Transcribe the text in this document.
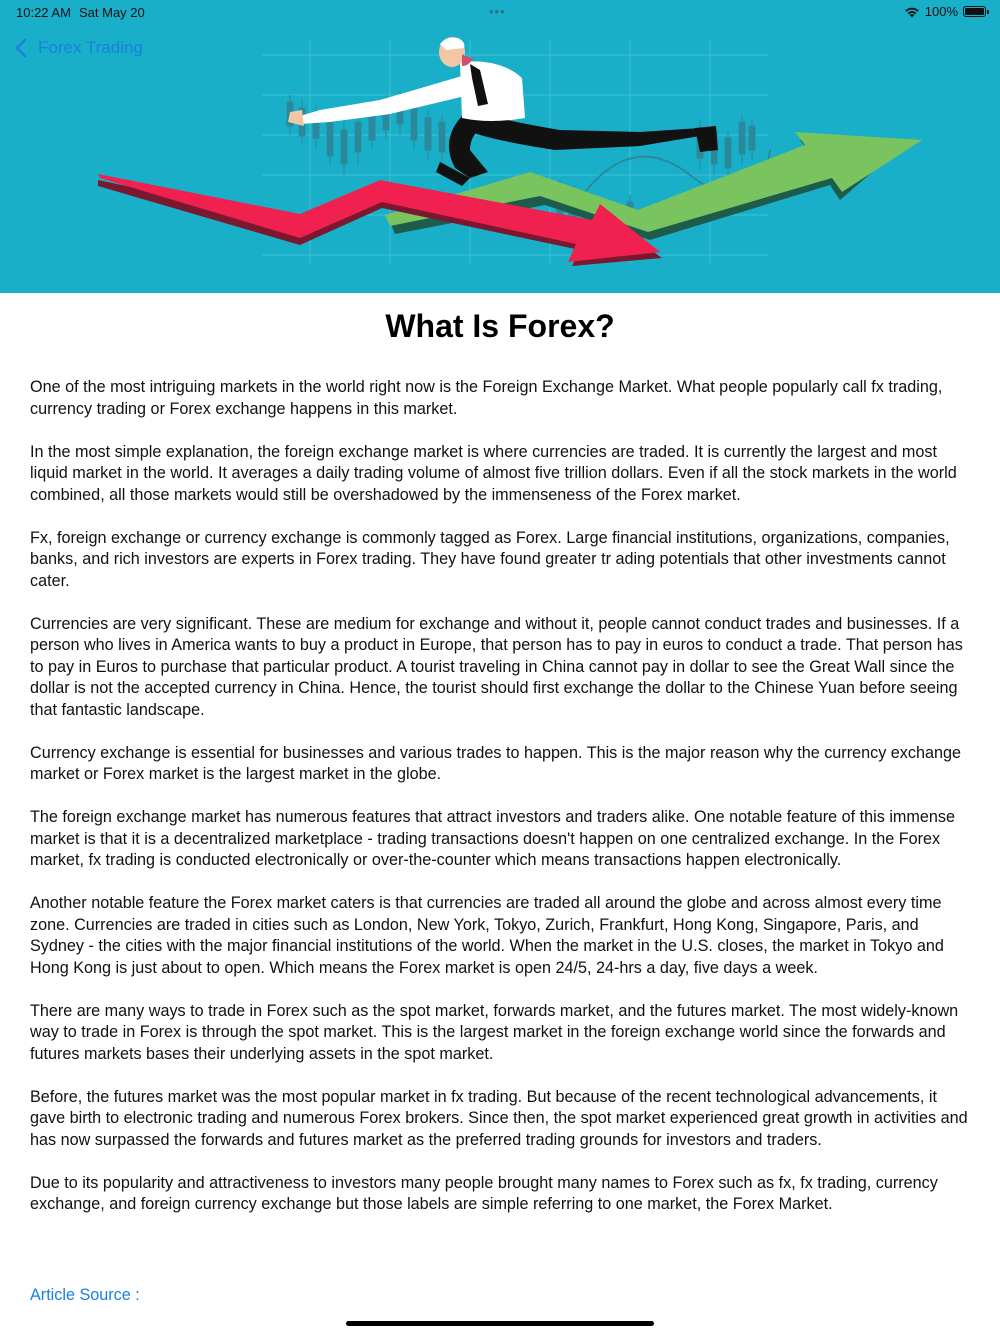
10:22 AM Sat May 20	•••	100%
Forex Trading
What Is Forex?

One of the most intriguing markets in the world right now is the Foreign Exchange Market. What people popularly call fx trading, currency trading or Forex exchange happens in this market.

In the most simple explanation, the foreign exchange market is where currencies are traded. It is currently the largest and most liquid market in the world. It averages a daily trading volume of almost five trillion dollars. Even if all the stock markets in the world combined, all those markets would still be overshadowed by the immenseness of the Forex market.

Fx, foreign exchange or currency exchange is commonly tagged as Forex. Large financial institutions, organizations, companies, banks, and rich investors are experts in Forex trading. They have found greater tr ading potentials that other investments cannot cater.

Currencies are very significant. These are medium for exchange and without it, people cannot conduct trades and businesses. If a person who lives in America wants to buy a product in Europe, that person has to pay in euros to conduct a trade. That person has to pay in Euros to purchase that particular product. A tourist traveling in China cannot pay in dollar to see the Great Wall since the dollar is not the accepted currency in China. Hence, the tourist should first exchange the dollar to the Chinese Yuan before seeing that fantastic landscape.

Currency exchange is essential for businesses and various trades to happen. This is the major reason why the currency exchange market or Forex market is the largest market in the globe.

The foreign exchange market has numerous features that attract investors and traders alike. One notable feature of this immense market is that it is a decentralized marketplace - trading transactions doesn't happen on one centralized exchange. In the Forex market, fx trading is conducted electronically or over-the-counter which means transactions happen electronically.

Another notable feature the Forex market caters is that currencies are traded all around the globe and across almost every time zone. Currencies are traded in cities such as London, New York, Tokyo, Zurich, Frankfurt, Hong Kong, Singapore, Paris, and Sydney - the cities with the major financial institutions of the world. When the market in the U.S. closes, the market in Tokyo and Hong Kong is just about to open. Which means the Forex market is open 24/5, 24-hrs a day, five days a week.

There are many ways to trade in Forex such as the spot market, forwards market, and the futures market. The most widely-known way to trade in Forex is through the spot market. This is the largest market in the foreign exchange world since the forwards and futures markets bases their underlying assets in the spot market.

Before, the futures market was the most popular market in fx trading. But because of the recent technological advancements, it gave birth to electronic trading and numerous Forex brokers. Since then, the spot market experienced great growth in activities and has now surpassed the forwards and futures market as the preferred trading grounds for investors and traders.

Due to its popularity and attractiveness to investors many people brought many names to Forex such as fx, fx trading, currency exchange, and foreign currency exchange but those labels are simple referring to one market, the Forex Market.

Article Source :
